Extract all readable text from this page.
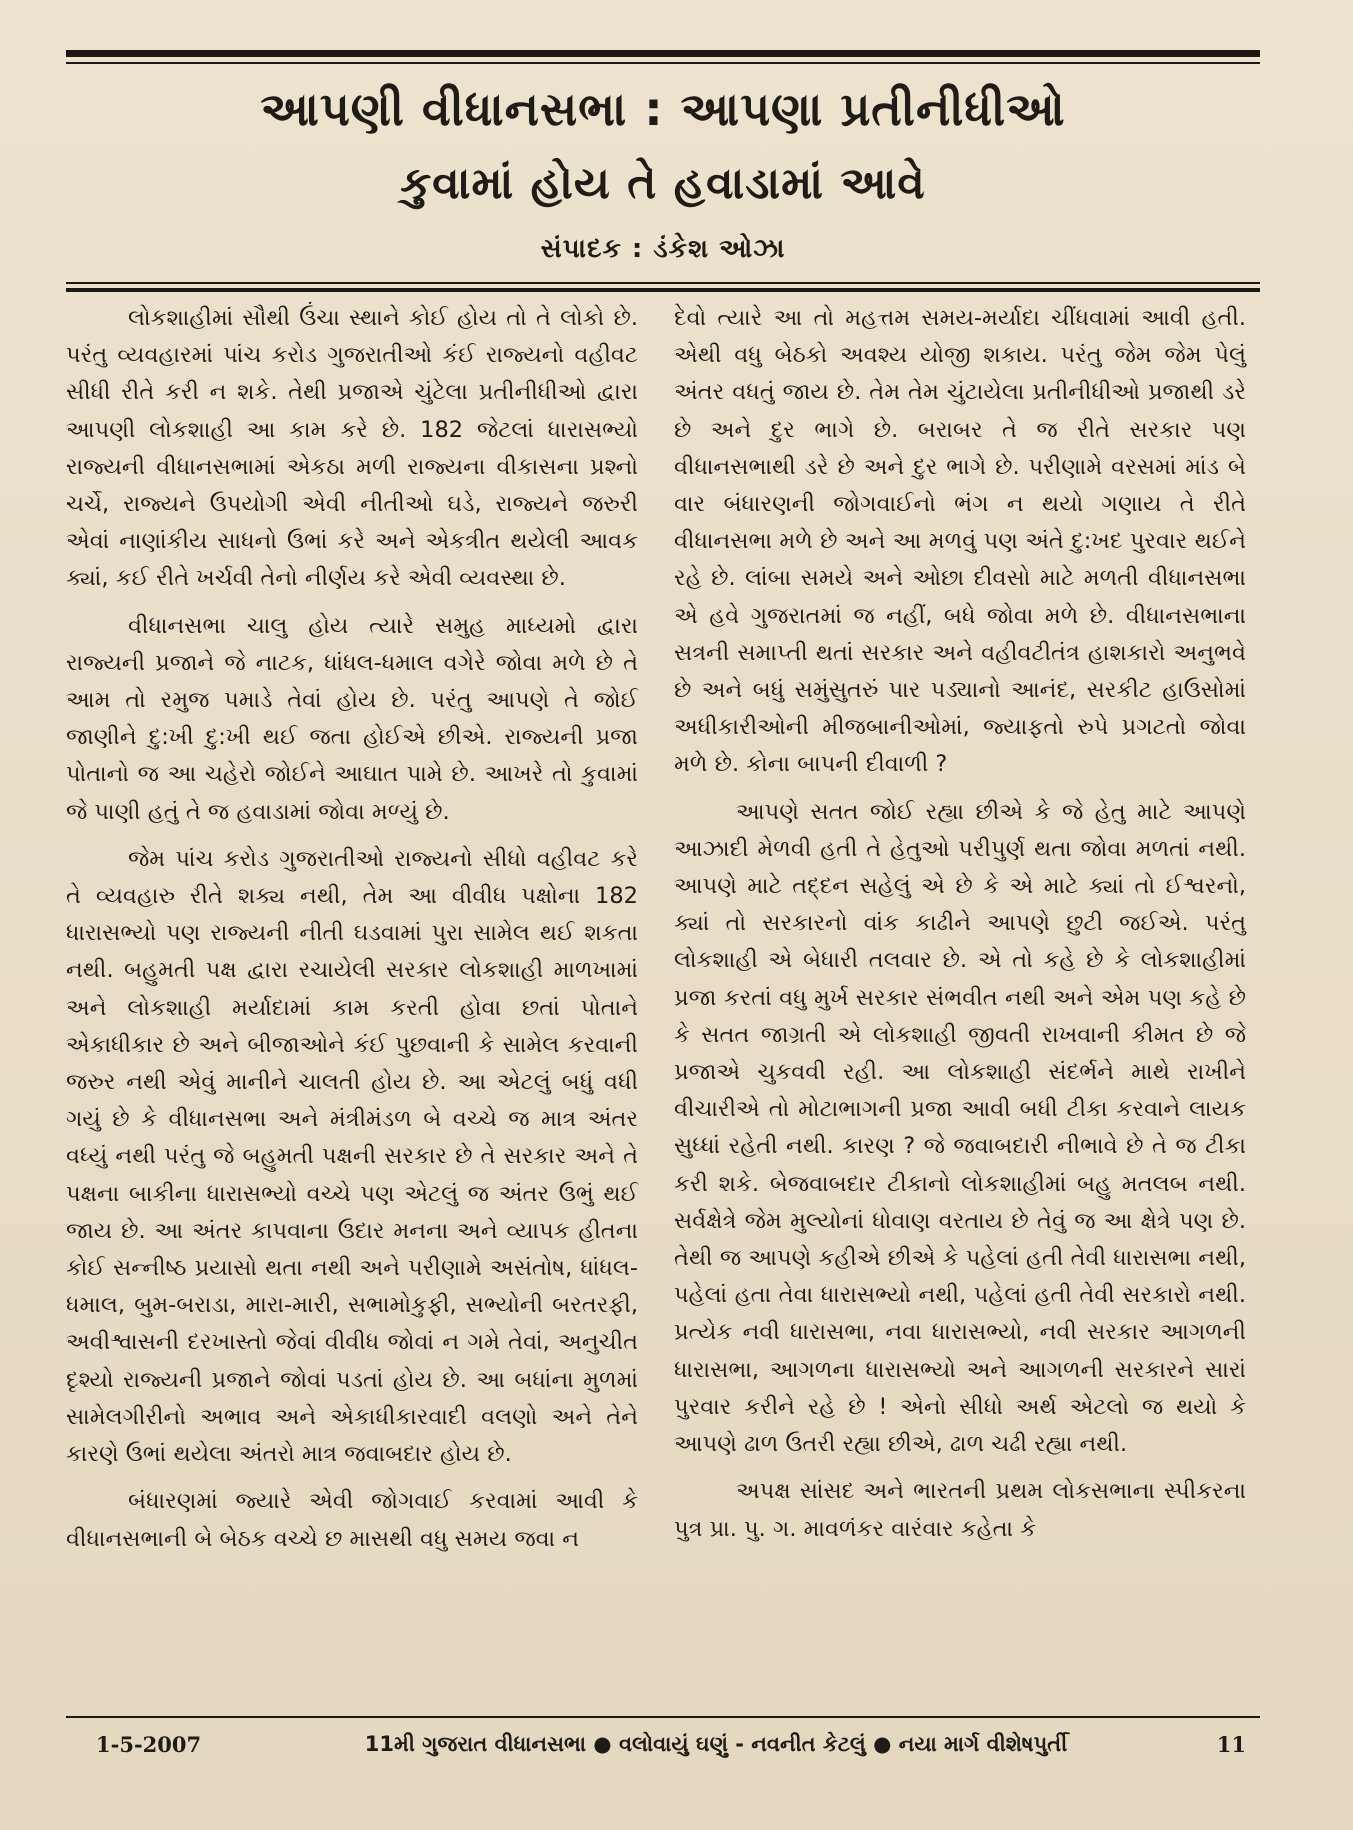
આપણી વીધાનસભા : આપણા પ્રતીનીધીઓ
કુવામાં હોય તે હવાડામાં આવે
સંપાદક : ડંકેશ ઓઝા

લોકશાહીમાં સૌથી ઉંચા સ્થાને કોઈ હોય તો તે લોકો છે. પરંતુ વ્યવહારમાં પાંચ કરોડ ગુજરાતીઓ કંઈ રાજ્યનો વહીવટ સીધી રીતે કરી ન શકે. તેથી પ્રજાએ ચુંટેલા પ્રતીનીધીઓ દ્વારા આપણી લોકશાહી આ કામ કરે છે. 182 જેટલાં ધારાસભ્યો રાજ્યની વીધાનસભામાં એકઠા મળી રાજ્યના વીકાસના પ્રશ્નો ચર્ચે, રાજ્યને ઉપયોગી એવી નીતીઓ ઘડે, રાજ્યને જરુરી એવાં નાણાંકીય સાધનો ઉભાં કરે અને એકત્રીત થયેલી આવક ક્યાં, કઈ રીતે ખર્ચવી તેનો નીર્ણય કરે એવી વ્યવસ્થા છે.

વીધાનસભા ચાલુ હોય ત્યારે સમુહ માધ્યમો દ્વારા રાજ્યની પ્રજાને જે નાટક, ધાંધલ-ધમાલ વગેરે જોવા મળે છે તે આમ તો રમુજ પમાડે તેવાં હોય છે. પરંતુ આપણે તે જોઈ જાણીને દુ:ખી દુ:ખી થઈ જતા હોઈએ છીએ. રાજ્યની પ્રજા પોતાનો જ આ ચહેરો જોઈને આઘાત પામે છે. આખરે તો કુવામાં જે પાણી હતું તે જ હવાડામાં જોવા મળ્યું છે.

જેમ પાંચ કરોડ ગુજરાતીઓ રાજ્યનો સીધો વહીવટ કરે તે વ્યવહારુ રીતે શક્ય નથી, તેમ આ વીવીધ પક્ષોના 182 ધારાસભ્યો પણ રાજ્યની નીતી ઘડવામાં પુરા સામેલ થઈ શકતા નથી. બહુમતી પક્ષ દ્વારા રચાયેલી સરકાર લોકશાહી માળખામાં અને લોકશાહી મર્યાદામાં કામ કરતી હોવા છતાં પોતાને એકાધીકાર છે અને બીજાઓને કંઈ પુછવાની કે સામેલ કરવાની જરુર નથી એવું માનીને ચાલતી હોય છે. આ એટલું બધું વધી ગયું છે કે વીધાનસભા અને મંત્રીમંડળ બે વચ્ચે જ માત્ર અંતર વધ્યું નથી પરંતુ જે બહુમતી પક્ષની સરકાર છે તે સરકાર અને તે પક્ષના બાકીના ધારાસભ્યો વચ્ચે પણ એટલું જ અંતર ઉભું થઈ જાય છે. આ અંતર કાપવાના ઉદાર મનના અને વ્યાપક હીતના કોઈ સન્નીષ્ઠ પ્રયાસો થતા નથી અને પરીણામે અસંતોષ, ધાંધલ-ધમાલ, બુમ-બરાડા, મારા-મારી, સભામોકુફી, સભ્યોની બરતરફી, અવીશ્વાસની દરખાસ્તો જેવાં વીવીધ જોવાં ન ગમે તેવાં, અનુચીત દૃશ્યો રાજ્યની પ્રજાને જોવાં પડતાં હોય છે. આ બધાંના મુળમાં સામેલગીરીનો અભાવ અને એકાધીકારવાદી વલણો અને તેને કારણે ઉભાં થયેલા અંતરો માત્ર જવાબદાર હોય છે.

બંધારણમાં જ્યારે એવી જોગવાઈ કરવામાં આવી કે વીધાનસભાની બે બેઠક વચ્ચે છ માસથી વધુ સમય જવા ન

દેવો ત્યારે આ તો મહત્તમ સમય-મર્યાદા ચીંધવામાં આવી હતી. એથી વધુ બેઠકો અવશ્ય યોજી શકાય. પરંતુ જેમ જેમ પેલું અંતર વધતું જાય છે. તેમ તેમ ચુંટાયેલા પ્રતીનીધીઓ પ્રજાથી ડરે છે અને દુર ભાગે છે. બરાબર તે જ રીતે સરકાર પણ વીધાનસભાથી ડરે છે અને દુર ભાગે છે. પરીણામે વરસમાં માંડ બે વાર બંધારણની જોગવાઈનો ભંગ ન થયો ગણાય તે રીતે વીધાનસભા મળે છે અને આ મળવું પણ અંતે દુ:ખદ પુરવાર થઈને રહે છે. લાંબા સમયે અને ઓછા દીવસો માટે મળતી વીધાનસભા એ હવે ગુજરાતમાં જ નહીં, બધે જોવા મળે છે. વીધાનસભાના સત્રની સમાપ્તી થતાં સરકાર અને વહીવટીતંત્ર હાશકારો અનુભવે છે અને બધું સમુંસુતરું પાર પડ્યાનો આનંદ, સરકીટ હાઉસોમાં અધીકારીઓની મીજબાનીઓમાં, જ્યાફતો રુપે પ્રગટતો જોવા મળે છે. કોના બાપની દીવાળી ?

આપણે સતત જોઈ રહ્યા છીએ કે જે હેતુ માટે આપણે આઝાદી મેળવી હતી તે હેતુઓ પરીપુર્ણ થતા જોવા મળતાં નથી. આપણે માટે તદ્દન સહેલું એ છે કે એ માટે ક્યાં તો ઈશ્વરનો, ક્યાં તો સરકારનો વાંક કાઢીને આપણે છુટી જઈએ. પરંતુ લોકશાહી એ બેધારી તલવાર છે. એ તો કહે છે કે લોકશાહીમાં પ્રજા કરતાં વધુ મુર્ખ સરકાર સંભવીત નથી અને એમ પણ કહે છે કે સતત જાગ્રતી એ લોકશાહી જીવતી રાખવાની કીમત છે જે પ્રજાએ ચુકવવી રહી. આ લોકશાહી સંદર્ભને માથે રાખીને વીચારીએ તો મોટાભાગની પ્રજા આવી બધી ટીકા કરવાને લાયક સુધ્ધાં રહેતી નથી. કારણ ? જે જવાબદારી નીભાવે છે તે જ ટીકા કરી શકે. બેજવાબદાર ટીકાનો લોકશાહીમાં બહુ મતલબ નથી. સર્વક્ષેત્રે જેમ મુલ્યોનાં ધોવાણ વરતાય છે તેવું જ આ ક્ષેત્રે પણ છે. તેથી જ આપણે કહીએ છીએ કે પહેલાં હતી તેવી ધારાસભા નથી, પહેલાં હતા તેવા ધારાસભ્યો નથી, પહેલાં હતી તેવી સરકારો નથી. પ્રત્યેક નવી ધારાસભા, નવા ધારાસભ્યો, નવી સરકાર આગળની ધારાસભા, આગળના ધારાસભ્યો અને આગળની સરકારને સારાં પુરવાર કરીને રહે છે ! એનો સીધો અર્થ એટલો જ થયો કે આપણે ઢાળ ઉતરી રહ્યા છીએ, ઢાળ ચઢી રહ્યા નથી.

અપક્ષ સાંસદ અને ભારતની પ્રથમ લોકસભાના સ્પીકરના પુત્ર પ્રા. પુ. ગ. માવળંકર વારંવાર કહેતા કે

1-5-2007	11મી ગુજરાત વીધાનસભા ● વલોવાયું ઘણું - નવનીત કેટલું ● નયા માર્ગ વીશેષપુર્તી	11
